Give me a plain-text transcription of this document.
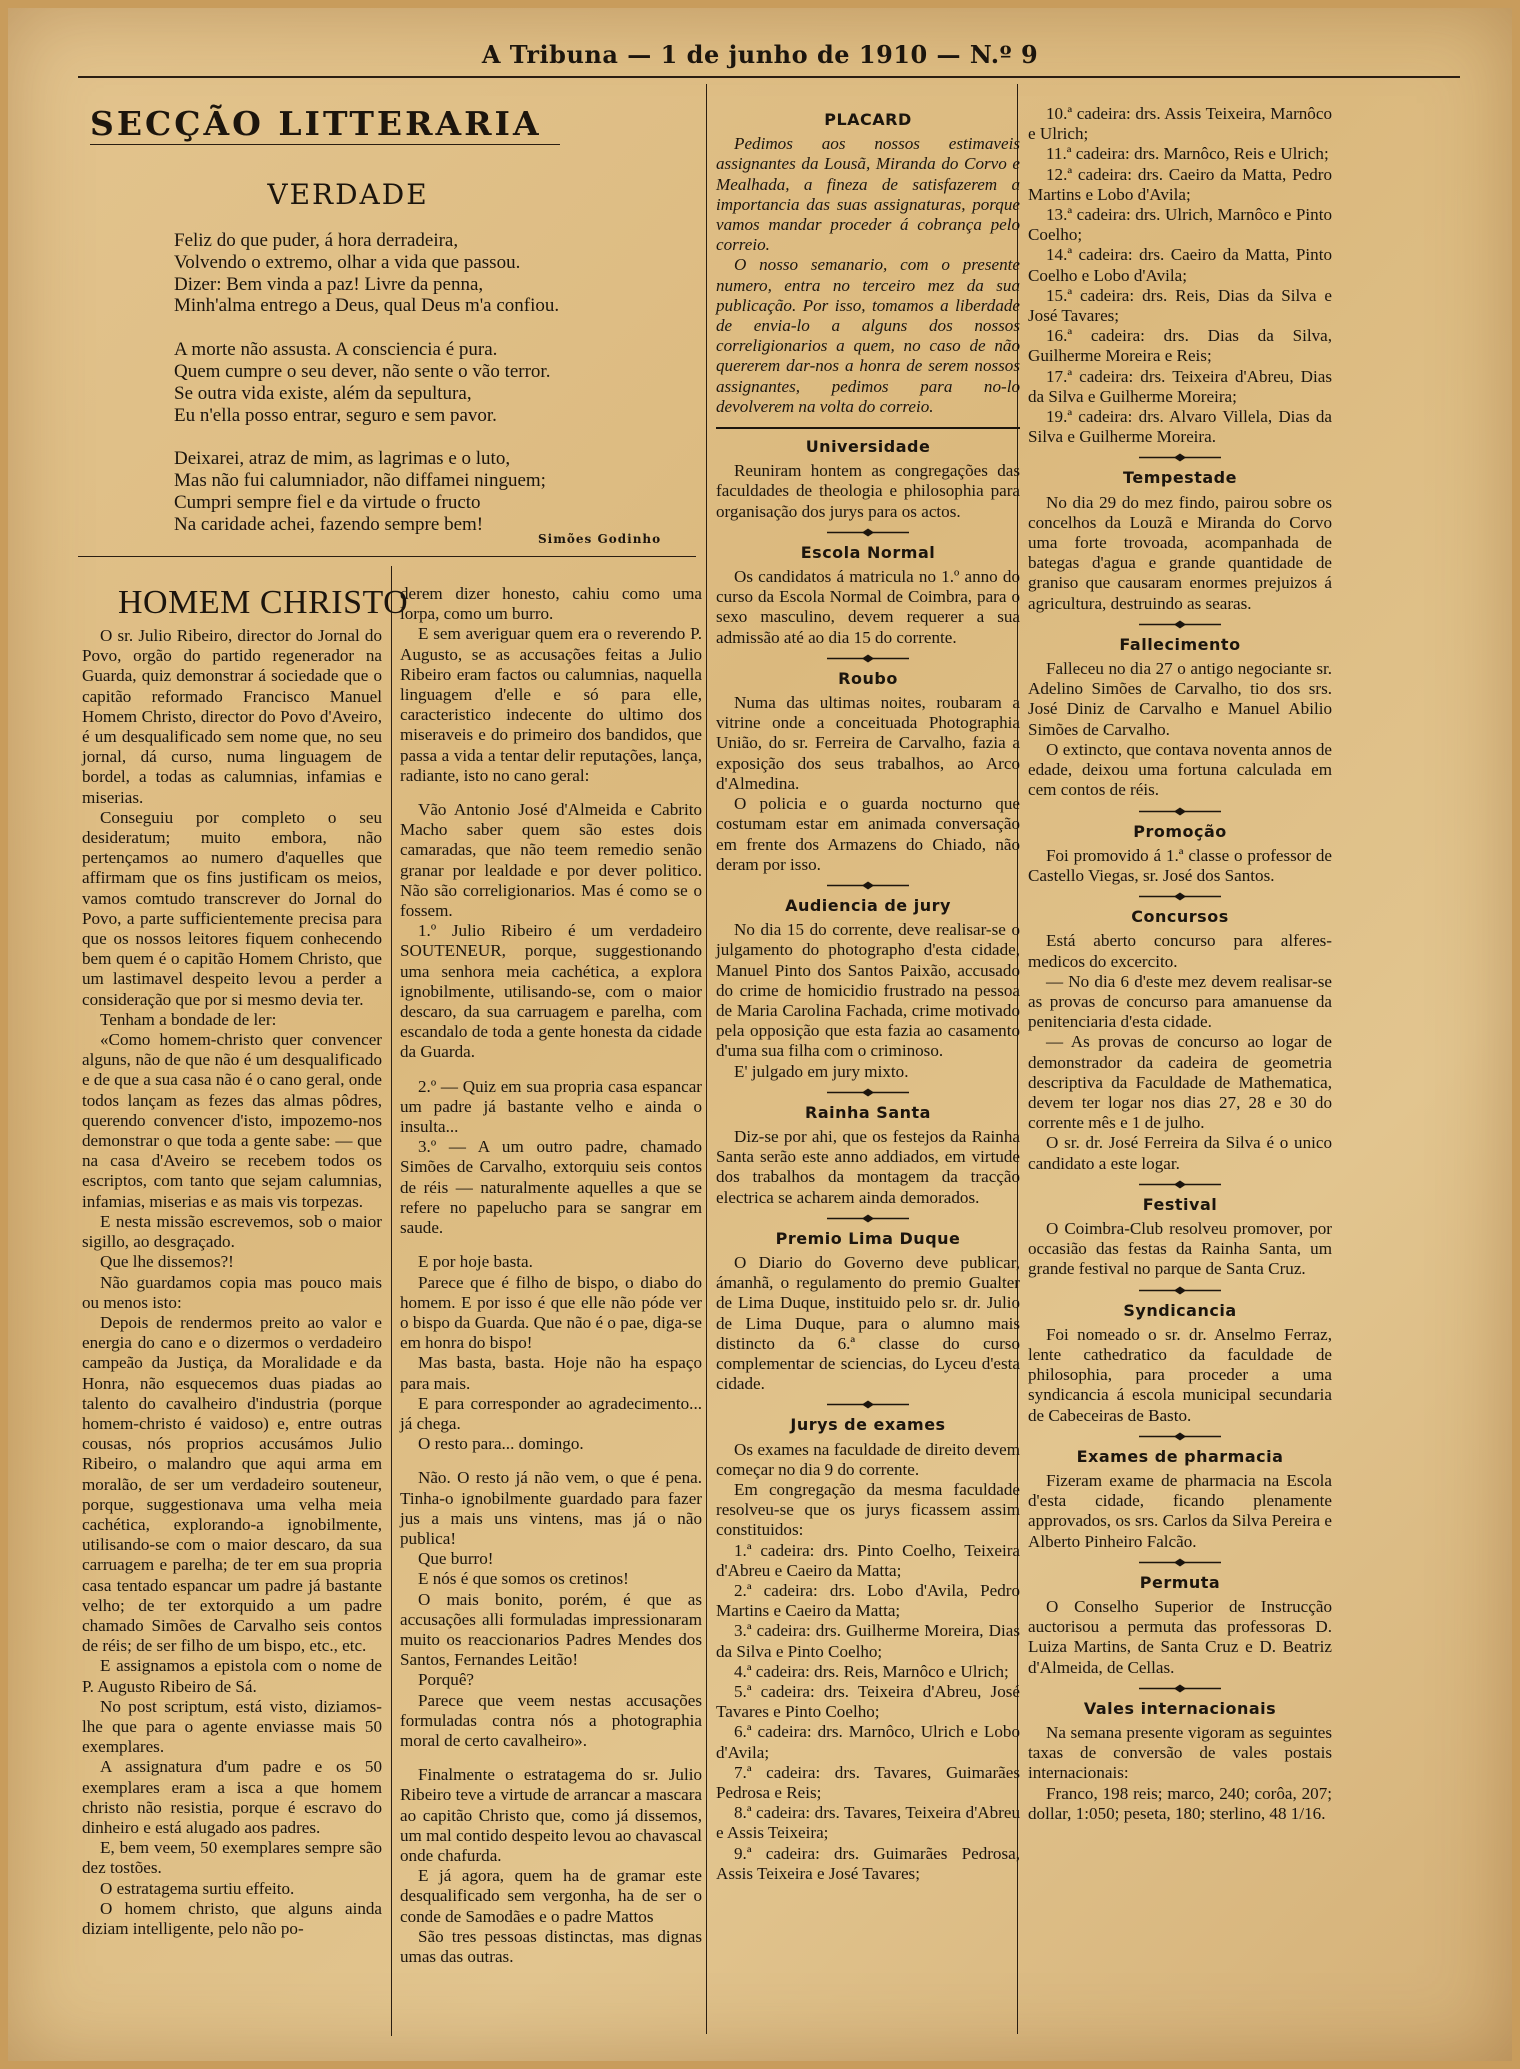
A Tribuna — 1 de junho de 1910 — N.º 9
SECÇÃO LITTERARIA
VERDADE
Feliz do que puder, á hora derradeira,
Volvendo o extremo, olhar a vida que passou.
Dizer: Bem vinda a paz! Livre da penna,
Minh'alma entrego a Deus, qual Deus m'a confiou.
A morte não assusta. A consciencia é pura.
Quem cumpre o seu dever, não sente o vão terror.
Se outra vida existe, além da sepultura,
Eu n'ella posso entrar, seguro e sem pavor.
Deixarei, atraz de mim, as lagrimas e o luto,
Mas não fui calumniador, não diffamei ninguem;
Cumpri sempre fiel e da virtude o fructo
Na caridade achei, fazendo sempre bem!
Simões Godinho
HOMEM CHRISTO

O sr. Julio Ribeiro, director do Jornal do Povo, orgão do partido regenerador na Guarda, quiz demonstrar á sociedade que o capitão reformado Francisco Manuel Homem Christo, director do Povo d'Aveiro, é um desqualificado sem nome que, no seu jornal, dá curso, numa linguagem de bordel, a todas as calumnias, infamias e miserias.

Conseguiu por completo o seu desideratum; muito embora, não pertençamos ao numero d'aquelles que affirmam que os fins justificam os meios, vamos comtudo transcrever do Jornal do Povo, a parte sufficientemente precisa para que os nossos leitores fiquem conhecendo bem quem é o capitão Homem Christo, que um lastimavel despeito levou a perder a consideração que por si mesmo devia ter.

Tenham a bondade de ler:

«Como homem-christo quer convencer alguns, não de que não é um desqualificado e de que a sua casa não é o cano geral, onde todos lançam as fezes das almas pôdres, querendo convencer d'isto, impozemo-nos demonstrar o que toda a gente sabe: — que na casa d'Aveiro se recebem todos os escriptos, com tanto que sejam calumnias, infamias, miserias e as mais vis torpezas.

E nesta missão escrevemos, sob o maior sigillo, ao desgraçado.

Que lhe dissemos?!

Não guardamos copia mas pouco mais ou menos isto:

Depois de rendermos preito ao valor e energia do cano e o dizermos o verdadeiro campeão da Justiça, da Moralidade e da Honra, não esquecemos duas piadas ao talento do cavalheiro d'industria (porque homem-christo é vaidoso) e, entre outras cousas, nós proprios accusámos Julio Ribeiro, o malandro que aqui arma em moralão, de ser um verdadeiro souteneur, porque, suggestionava uma velha meia cachética, explorando-a ignobilmente, utilisando-se com o maior descaro, da sua carruagem e parelha; de ter em sua propria casa tentado espancar um padre já bastante velho; de ter extorquido a um padre chamado Simões de Carvalho seis contos de réis; de ser filho de um bispo, etc., etc.

E assignamos a epistola com o nome de P. Augusto Ribeiro de Sá.

No post scriptum, está visto, diziamos-lhe que para o agente enviasse mais 50 exemplares.

A assignatura d'um padre e os 50 exemplares eram a isca a que homem christo não resistia, porque é escravo do dinheiro e está alugado aos padres.

E, bem veem, 50 exemplares sempre são dez tostões.

O estratagema surtiu effeito.

O homem christo, que alguns ainda diziam intelligente, pelo não po-

derem dizer honesto, cahiu como uma lorpa, como um burro.

E sem averiguar quem era o reverendo P. Augusto, se as accusações feitas a Julio Ribeiro eram factos ou calumnias, naquella linguagem d'elle e só para elle, caracteristico indecente do ultimo dos miseraveis e do primeiro dos bandidos, que passa a vida a tentar delir reputações, lança, radiante, isto no cano geral:

Vão Antonio José d'Almeida e Cabrito Macho saber quem são estes dois camaradas, que não teem remedio senão granar por lealdade e por dever politico. Não são correligionarios. Mas é como se o fossem.

1.º Julio Ribeiro é um verdadeiro SOUTENEUR, porque, suggestionando uma senhora meia cachética, a explora ignobilmente, utilisando-se, com o maior descaro, da sua carruagem e parelha, com escandalo de toda a gente honesta da cidade da Guarda.

2.º — Quiz em sua propria casa espancar um padre já bastante velho e ainda o insulta...

3.º — A um outro padre, chamado Simões de Carvalho, extorquiu seis contos de réis — naturalmente aquelles a que se refere no papelucho para se sangrar em saude.

E por hoje basta.

Parece que é filho de bispo, o diabo do homem. E por isso é que elle não póde ver o bispo da Guarda. Que não é o pae, diga-se em honra do bispo!

Mas basta, basta. Hoje não ha espaço para mais.

E para corresponder ao agradecimento... já chega.

O resto para... domingo.

Não. O resto já não vem, o que é pena. Tinha-o ignobilmente guardado para fazer jus a mais uns vintens, mas já o não publica!

Que burro!

E nós é que somos os cretinos!

O mais bonito, porém, é que as accusações alli formuladas impressionaram muito os reaccionarios Padres Mendes dos Santos, Fernandes Leitão!

Porquê?

Parece que veem nestas accusações formuladas contra nós a photographia moral de certo cavalheiro».

Finalmente o estratagema do sr. Julio Ribeiro teve a virtude de arrancar a mascara ao capitão Christo que, como já dissemos, um mal contido despeito levou ao chavascal onde chafurda.

E já agora, quem ha de gramar este desqualificado sem vergonha, ha de ser o conde de Samodães e o padre Mattos

São tres pessoas distinctas, mas dignas umas das outras.

PLACARD

Pedimos aos nossos estimaveis assignantes da Lousã, Miranda do Corvo e Mealhada, a fineza de satisfazerem a importancia das suas assignaturas, porque vamos mandar proceder á cobrança pelo correio.

O nosso semanario, com o presente numero, entra no terceiro mez da sua publicação. Por isso, tomamos a liberdade de envia-lo a alguns dos nossos correligionarios a quem, no caso de não quererem dar-nos a honra de serem nossos assignantes, pedimos para no-lo devolverem na volta do correio.

Universidade

Reuniram hontem as congregações das faculdades de theologia e philosophia para organisação dos jurys para os actos.

Escola Normal

Os candidatos á matricula no 1.º anno do curso da Escola Normal de Coimbra, para o sexo masculino, devem requerer a sua admissão até ao dia 15 do corrente.

Roubo

Numa das ultimas noites, roubaram a vitrine onde a conceituada Photographia União, do sr. Ferreira de Carvalho, fazia a exposição dos seus trabalhos, ao Arco d'Almedina.

O policia e o guarda nocturno que costumam estar em animada conversação em frente dos Armazens do Chiado, não deram por isso.

Audiencia de jury

No dia 15 do corrente, deve realisar-se o julgamento do photographo d'esta cidade, Manuel Pinto dos Santos Paixão, accusado do crime de homicidio frustrado na pessoa de Maria Carolina Fachada, crime motivado pela opposição que esta fazia ao casamento d'uma sua filha com o criminoso.

E' julgado em jury mixto.

Rainha Santa

Diz-se por ahi, que os festejos da Rainha Santa serão este anno addiados, em virtude dos trabalhos da montagem da tracção electrica se acharem ainda demorados.

Premio Lima Duque

O Diario do Governo deve publicar, ámanhã, o regulamento do premio Gualter de Lima Duque, instituido pelo sr. dr. Julio de Lima Duque, para o alumno mais distincto da 6.ª classe do curso complementar de sciencias, do Lyceu d'esta cidade.

Jurys de exames

Os exames na faculdade de direito devem começar no dia 9 do corrente.

Em congregação da mesma faculdade resolveu-se que os jurys ficassem assim constituidos:

1.ª cadeira: drs. Pinto Coelho, Teixeira d'Abreu e Caeiro da Matta;

2.ª cadeira: drs. Lobo d'Avila, Pedro Martins e Caeiro da Matta;

3.ª cadeira: drs. Guilherme Moreira, Dias da Silva e Pinto Coelho;

4.ª cadeira: drs. Reis, Marnôco e Ulrich;

5.ª cadeira: drs. Teixeira d'Abreu, José Tavares e Pinto Coelho;

6.ª cadeira: drs. Marnôco, Ulrich e Lobo d'Avila;

7.ª cadeira: drs. Tavares, Guimarães Pedrosa e Reis;

8.ª cadeira: drs. Tavares, Teixeira d'Abreu e Assis Teixeira;

9.ª cadeira: drs. Guimarães Pedrosa, Assis Teixeira e José Tavares;

10.ª cadeira: drs. Assis Teixeira, Marnôco e Ulrich;

11.ª cadeira: drs. Marnôco, Reis e Ulrich;

12.ª cadeira: drs. Caeiro da Matta, Pedro Martins e Lobo d'Avila;

13.ª cadeira: drs. Ulrich, Marnôco e Pinto Coelho;

14.ª cadeira: drs. Caeiro da Matta, Pinto Coelho e Lobo d'Avila;

15.ª cadeira: drs. Reis, Dias da Silva e José Tavares;

16.ª cadeira: drs. Dias da Silva, Guilherme Moreira e Reis;

17.ª cadeira: drs. Teixeira d'Abreu, Dias da Silva e Guilherme Moreira;

19.ª cadeira: drs. Alvaro Villela, Dias da Silva e Guilherme Moreira.

Tempestade

No dia 29 do mez findo, pairou sobre os concelhos da Louzã e Miranda do Corvo uma forte trovoada, acompanhada de bategas d'agua e grande quantidade de graniso que causaram enormes prejuizos á agricultura, destruindo as searas.

Fallecimento

Falleceu no dia 27 o antigo negociante sr. Adelino Simões de Carvalho, tio dos srs. José Diniz de Carvalho e Manuel Abilio Simões de Carvalho.

O extincto, que contava noventa annos de edade, deixou uma fortuna calculada em cem contos de réis.

Promoção

Foi promovido á 1.ª classe o professor de Castello Viegas, sr. José dos Santos.

Concursos

Está aberto concurso para alferes-medicos do excercito.

— No dia 6 d'este mez devem realisar-se as provas de concurso para amanuense da penitenciaria d'esta cidade.

— As provas de concurso ao logar de demonstrador da cadeira de geometria descriptiva da Faculdade de Mathematica, devem ter logar nos dias 27, 28 e 30 do corrente mês e 1 de julho.

O sr. dr. José Ferreira da Silva é o unico candidato a este logar.

Festival

O Coimbra-Club resolveu promover, por occasião das festas da Rainha Santa, um grande festival no parque de Santa Cruz.

Syndicancia

Foi nomeado o sr. dr. Anselmo Ferraz, lente cathedratico da faculdade de philosophia, para proceder a uma syndicancia á escola municipal secundaria de Cabeceiras de Basto.

Exames de pharmacia

Fizeram exame de pharmacia na Escola d'esta cidade, ficando plenamente approvados, os srs. Carlos da Silva Pereira e Alberto Pinheiro Falcão.

Permuta

O Conselho Superior de Instrucção auctorisou a permuta das professoras D. Luiza Martins, de Santa Cruz e D. Beatriz d'Almeida, de Cellas.

Vales internacionais

Na semana presente vigoram as seguintes taxas de conversão de vales postais internacionais:

Franco, 198 reis; marco, 240; corôa, 207; dollar, 1:050; peseta, 180; sterlino, 48 1/16.
